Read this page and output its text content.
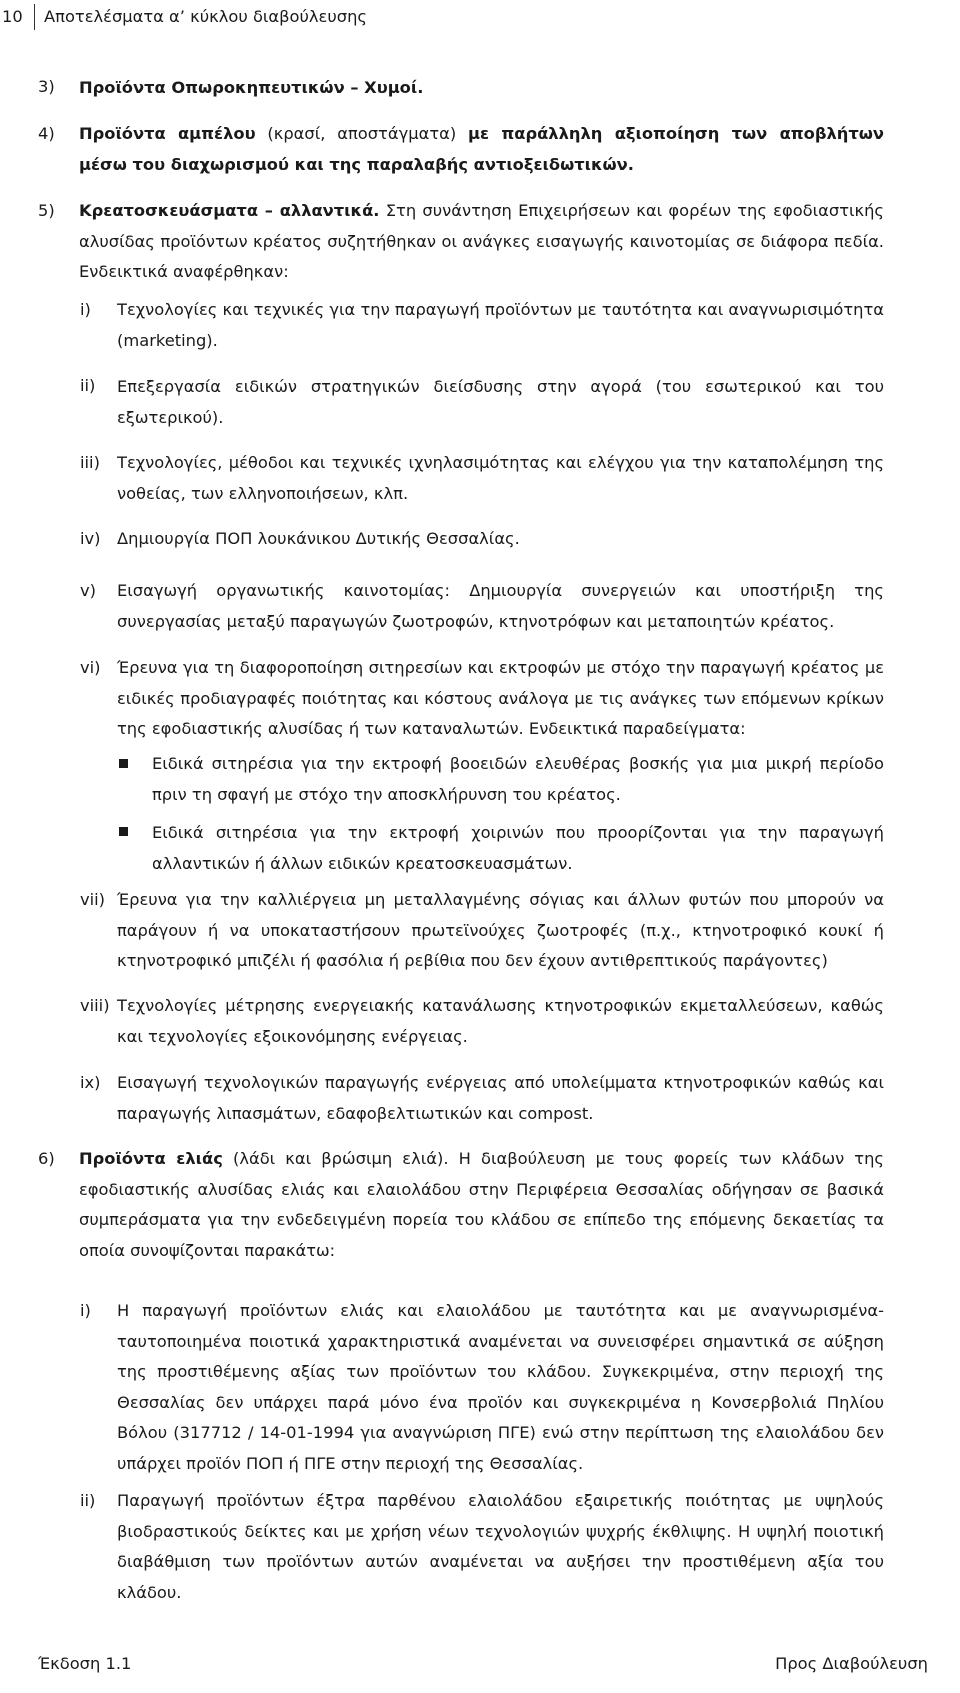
10	Αποτελέσματα α’ κύκλου διαβούλευσης
3) Προϊόντα Οπωροκηπευτικών – Χυμοί.
4) Προϊόντα αμπέλου (κρασί, αποστάγματα) με παράλληλη αξιοποίηση των αποβλήτων μέσω του διαχωρισμού και της παραλαβής αντιοξειδωτικών.
5) Κρεατοσκευάσματα – αλλαντικά. Στη συνάντηση Επιχειρήσεων και φορέων της εφοδιαστικής αλυσίδας προϊόντων κρέατος συζητήθηκαν οι ανάγκες εισαγωγής καινοτομίας σε διάφορα πεδία. Ενδεικτικά αναφέρθηκαν:
i) Τεχνολογίες και τεχνικές για την παραγωγή προϊόντων με ταυτότητα και αναγνωρισιμότητα (marketing).
ii) Επεξεργασία ειδικών στρατηγικών διείσδυσης στην αγορά (του εσωτερικού και του εξωτερικού).
iii) Τεχνολογίες, μέθοδοι και τεχνικές ιχνηλασιμότητας και ελέγχου για την καταπολέμηση της νοθείας, των ελληνοποιήσεων, κλπ.
iv) Δημιουργία ΠΟΠ λουκάνικου Δυτικής Θεσσαλίας.
v) Εισαγωγή οργανωτικής καινοτομίας: Δημιουργία συνεργειών και υποστήριξη της συνεργασίας μεταξύ παραγωγών ζωοτροφών, κτηνοτρόφων και μεταποιητών κρέατος.
vi) Έρευνα για τη διαφοροποίηση σιτηρεσίων και εκτροφών με στόχο την παραγωγή κρέατος με ειδικές προδιαγραφές ποιότητας και κόστους ανάλογα με τις ανάγκες των επόμενων κρίκων της εφοδιαστικής αλυσίδας ή των καταναλωτών. Ενδεικτικά παραδείγματα:
Ειδικά σιτηρέσια για την εκτροφή βοοειδών ελευθέρας βοσκής για μια μικρή περίοδο πριν τη σφαγή με στόχο την αποσκλήρυνση του κρέατος.
Ειδικά σιτηρέσια για την εκτροφή χοιρινών που προορίζονται για την παραγωγή αλλαντικών ή άλλων ειδικών κρεατοσκευασμάτων.
vii) Έρευνα για την καλλιέργεια μη μεταλλαγμένης σόγιας και άλλων φυτών που μπορούν να παράγουν ή να υποκαταστήσουν πρωτεϊνούχες ζωοτροφές (π.χ., κτηνοτροφικό κουκί ή κτηνοτροφικό μπιζέλι ή φασόλια ή ρεβίθια που δεν έχουν αντιθρεπτικούς παράγοντες)
viii) Τεχνολογίες μέτρησης ενεργειακής κατανάλωσης κτηνοτροφικών εκμεταλλεύσεων, καθώς και τεχνολογίες εξοικονόμησης ενέργειας.
ix) Εισαγωγή τεχνολογικών παραγωγής ενέργειας από υπολείμματα κτηνοτροφικών καθώς και παραγωγής λιπασμάτων, εδαφοβελτιωτικών και compost.
6) Προϊόντα ελιάς (λάδι και βρώσιμη ελιά). Η διαβούλευση με τους φορείς των κλάδων της εφοδιαστικής αλυσίδας ελιάς και ελαιολάδου στην Περιφέρεια Θεσσαλίας οδήγησαν σε βασικά συμπεράσματα για την ενδεδειγμένη πορεία του κλάδου σε επίπεδο της επόμενης δεκαετίας τα οποία συνοψίζονται παρακάτω:
i) Η παραγωγή προϊόντων ελιάς και ελαιολάδου με ταυτότητα και με αναγνωρισμένα-ταυτοποιημένα ποιοτικά χαρακτηριστικά αναμένεται να συνεισφέρει σημαντικά σε αύξηση της προστιθέμενης αξίας των προϊόντων του κλάδου. Συγκεκριμένα, στην περιοχή της Θεσσαλίας δεν υπάρχει παρά μόνο ένα προϊόν και συγκεκριμένα η Κονσερβολιά Πηλίου Βόλου (317712 / 14-01-1994 για αναγνώριση ΠΓΕ) ενώ στην περίπτωση της ελαιολάδου δεν υπάρχει προϊόν ΠΟΠ ή ΠΓΕ στην περιοχή της Θεσσαλίας.
ii) Παραγωγή προϊόντων έξτρα παρθένου ελαιολάδου εξαιρετικής ποιότητας με υψηλούς βιοδραστικούς δείκτες και με χρήση νέων τεχνολογιών ψυχρής έκθλιψης. Η υψηλή ποιοτική διαβάθμιση των προϊόντων αυτών αναμένεται να αυξήσει την προστιθέμενη αξία του κλάδου.
Έκδοση 1.1	Προς Διαβούλευση
